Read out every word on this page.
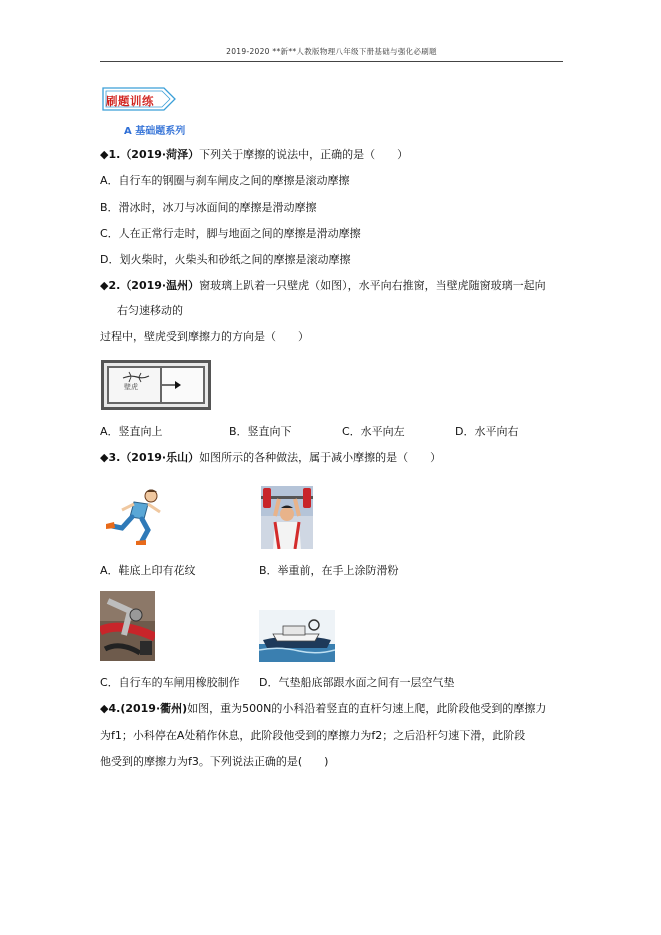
2019-2020 **新**人教版物理八年级下册基础与强化必刷题
刷题训练
A 基础题系列
◆1.（2019·菏泽）下列关于摩擦的说法中，正确的是（　　）
A．自行车的钢圈与刹车闸皮之间的摩擦是滚动摩擦
B．滑冰时，冰刀与冰面间的摩擦是滑动摩擦
C．人在正常行走时，脚与地面之间的摩擦是滑动摩擦
D．划火柴时，火柴头和砂纸之间的摩擦是滚动摩擦
◆2.（2019·温州）窗玻璃上趴着一只壁虎（如图），水平向右推窗，当壁虎随窗玻璃一起向
右匀速移动的
过程中，壁虎受到摩擦力的方向是（　　）
壁虎
A．竖直向上	B．竖直向下	C．水平向左	D．水平向右
◆3.（2019·乐山）如图所示的各种做法，属于减小摩擦的是（　　）
A．鞋底上印有花纹	B．举重前，在手上涂防滑粉
C．自行车的车闸用橡胶制作 D．气垫船底部跟水面之间有一层空气垫
◆4.(2019·衢州)如图，重为500N的小科沿着竖直的直杆匀速上爬，此阶段他受到的摩擦力
为f1；小科停在A处稍作休息，此阶段他受到的摩擦力为f2；之后沿杆匀速下滑，此阶段
他受到的摩擦力为f3。下列说法正确的是(　　)
